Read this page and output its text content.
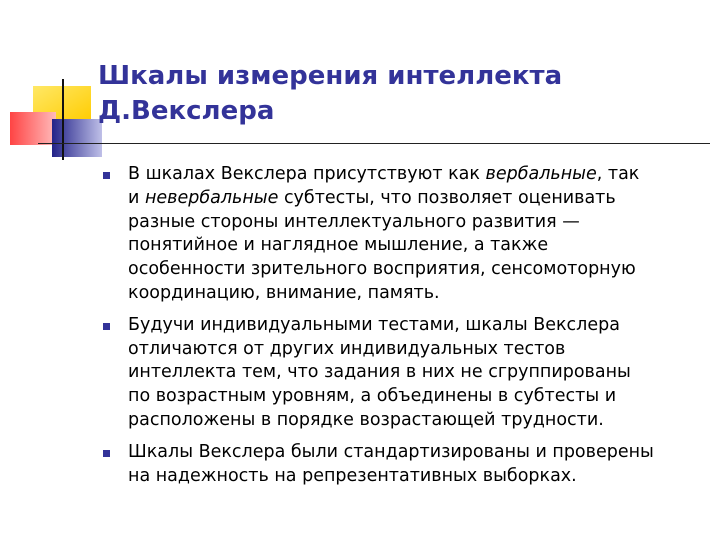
Шкалы измерения интеллекта
Д.Векслера
В шкалах Векслера присутствуют как вербальные, так
и невербальные субтесты, что позволяет оценивать
разные стороны интеллектуального развития —
понятийное и наглядное мышление, а также
особенности зрительного восприятия, сенсомоторную
координацию, внимание, память.
Будучи индивидуальными тестами, шкалы Векслера
отличаются от других индивидуальных тестов
интеллекта тем, что задания в них не сгруппированы
по возрастным уровням, а объединены в субтесты и
расположены в порядке возрастающей трудности.
Шкалы Векслера были стандартизированы и проверены
на надежность на репрезентативных выборках.
